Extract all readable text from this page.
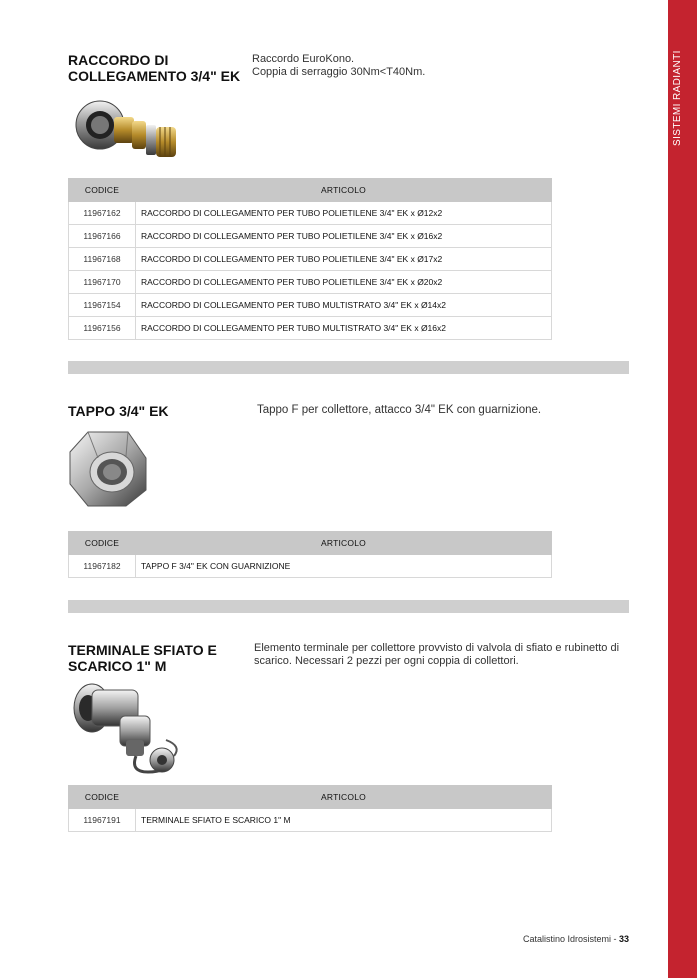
SISTEMI RADIANTI
RACCORDO DI
COLLEGAMENTO 3/4" EK
Raccordo EuroKono.
Coppia di serraggio 30Nm<T40Nm.
CODICE	ARTICOLO
11967162	RACCORDO DI COLLEGAMENTO PER TUBO POLIETILENE 3/4" EK x Ø12x2
11967166	RACCORDO DI COLLEGAMENTO PER TUBO POLIETILENE 3/4" EK x Ø16x2
11967168	RACCORDO DI COLLEGAMENTO PER TUBO POLIETILENE 3/4" EK x Ø17x2
11967170	RACCORDO DI COLLEGAMENTO PER TUBO POLIETILENE 3/4" EK x Ø20x2
11967154	RACCORDO DI COLLEGAMENTO PER TUBO MULTISTRATO 3/4" EK x Ø14x2
11967156	RACCORDO DI COLLEGAMENTO PER TUBO MULTISTRATO 3/4" EK x Ø16x2
TAPPO 3/4" EK	Tappo F per collettore, attacco 3/4" EK con guarnizione.
CODICE	ARTICOLO
11967182	TAPPO F 3/4" EK CON GUARNIZIONE
TERMINALE SFIATO E
SCARICO 1" M
Elemento terminale per collettore provvisto di valvola di sfiato e rubinetto di
scarico. Necessari 2 pezzi per ogni coppia di collettori.
CODICE	ARTICOLO
11967191	TERMINALE SFIATO E SCARICO 1" M
Catalistino Idrosistemi - 33
